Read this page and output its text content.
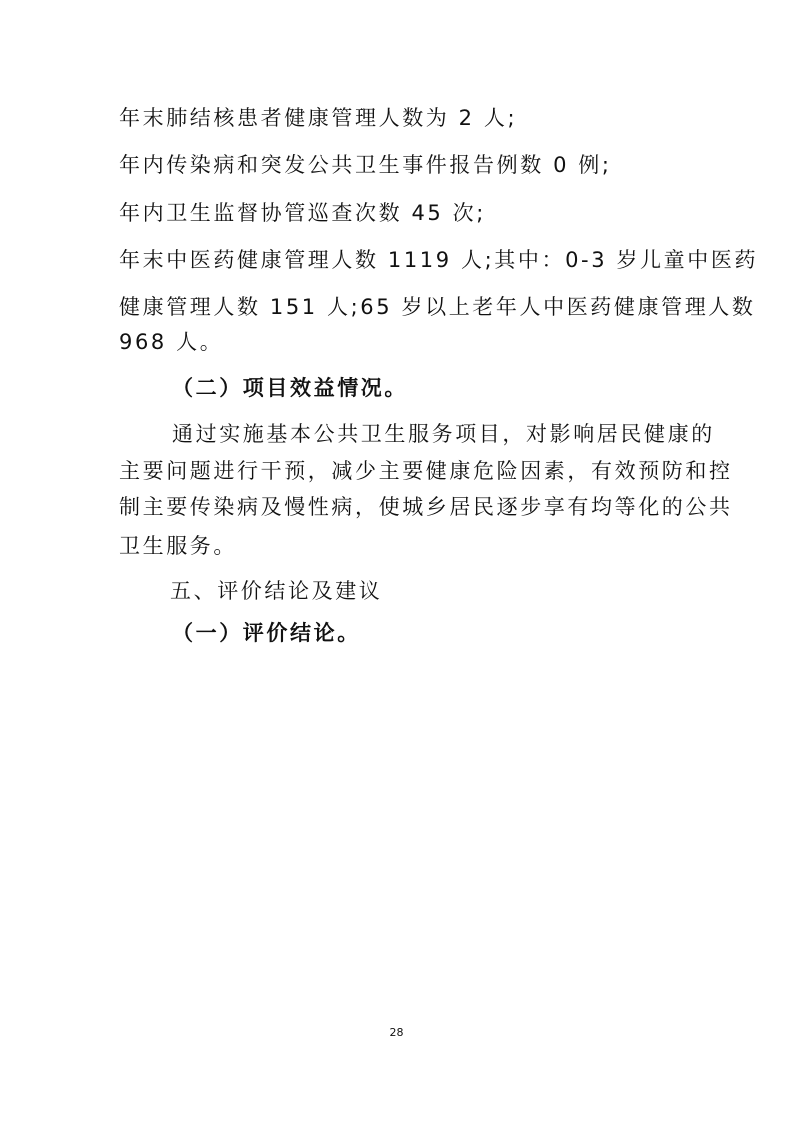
年末肺结核患者健康管理人数为 2 人;
年内传染病和突发公共卫生事件报告例数 0 例;
年内卫生监督协管巡查次数 45 次;
年末中医药健康管理人数 1119 人;其中：0-3 岁儿童中医药
健康管理人数 151 人;65 岁以上老年人中医药健康管理人数
968 人。
（二）项目效益情况。
通过实施基本公共卫生服务项目，对影响居民健康的
主要问题进行干预，减少主要健康危险因素，有效预防和控
制主要传染病及慢性病，使城乡居民逐步享有均等化的公共
卫生服务。
五、评价结论及建议
（一）评价结论。
28
